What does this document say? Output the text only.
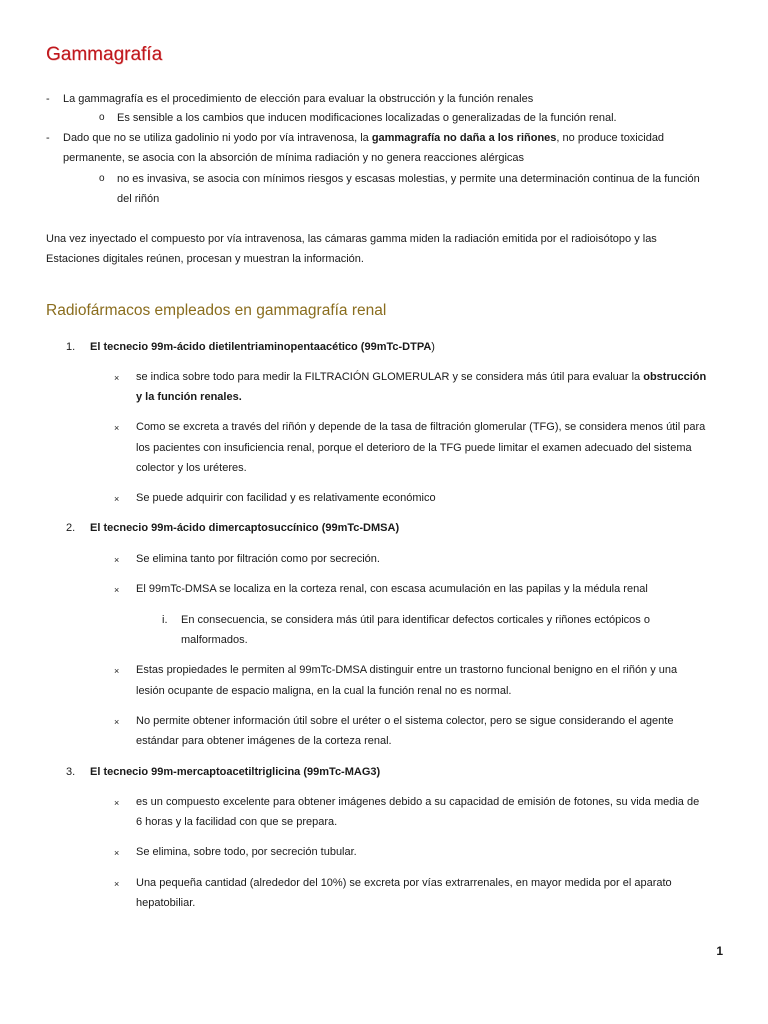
Gammagrafía
- La gammagrafía es el procedimiento de elección para evaluar la obstrucción y la función renales
o Es sensible a los cambios que inducen modificaciones localizadas o generalizadas de la función renal.
- Dado que no se utiliza gadolinio ni yodo por vía intravenosa, la gammagrafía no daña a los riñones, no produce toxicidad
permanente, se asocia con la absorción de mínima radiación y no genera reacciones alérgicas
o no es invasiva, se asocia con mínimos riesgos y escasas molestias, y permite una determinación continua de la función
del riñón
Una vez inyectado el compuesto por vía intravenosa, las cámaras gamma miden la radiación emitida por el radioisótopo y las
Estaciones digitales reúnen, procesan y muestran la información.
Radiofármacos empleados en gammagrafía renal
1. El tecnecio 99m-ácido dietilentriaminopentaacético (99mTc-DTPA)
× se indica sobre todo para medir la FILTRACIÓN GLOMERULAR y se considera más útil para evaluar la obstrucción
y la función renales.
× Como se excreta a través del riñón y depende de la tasa de filtración glomerular (TFG), se considera menos útil para
los pacientes con insuficiencia renal, porque el deterioro de la TFG puede limitar el examen adecuado del sistema
colector y los uréteres.
× Se puede adquirir con facilidad y es relativamente económico
2. El tecnecio 99m-ácido dimercaptosuccínico (99mTc-DMSA)
× Se elimina tanto por filtración como por secreción.
× El 99mTc-DMSA se localiza en la corteza renal, con escasa acumulación en las papilas y la médula renal
i. En consecuencia, se considera más útil para identificar defectos corticales y riñones ectópicos o
malformados.
× Estas propiedades le permiten al 99mTc-DMSA distinguir entre un trastorno funcional benigno en el riñón y una
lesión ocupante de espacio maligna, en la cual la función renal no es normal.
× No permite obtener información útil sobre el uréter o el sistema colector, pero se sigue considerando el agente
estándar para obtener imágenes de la corteza renal.
3. El tecnecio 99m-mercaptoacetiltriglicina (99mTc-MAG3)
× es un compuesto excelente para obtener imágenes debido a su capacidad de emisión de fotones, su vida media de
6 horas y la facilidad con que se prepara.
× Se elimina, sobre todo, por secreción tubular.
× Una pequeña cantidad (alrededor del 10%) se excreta por vías extrarrenales, en mayor medida por el aparato
hepatobiliar.
1
